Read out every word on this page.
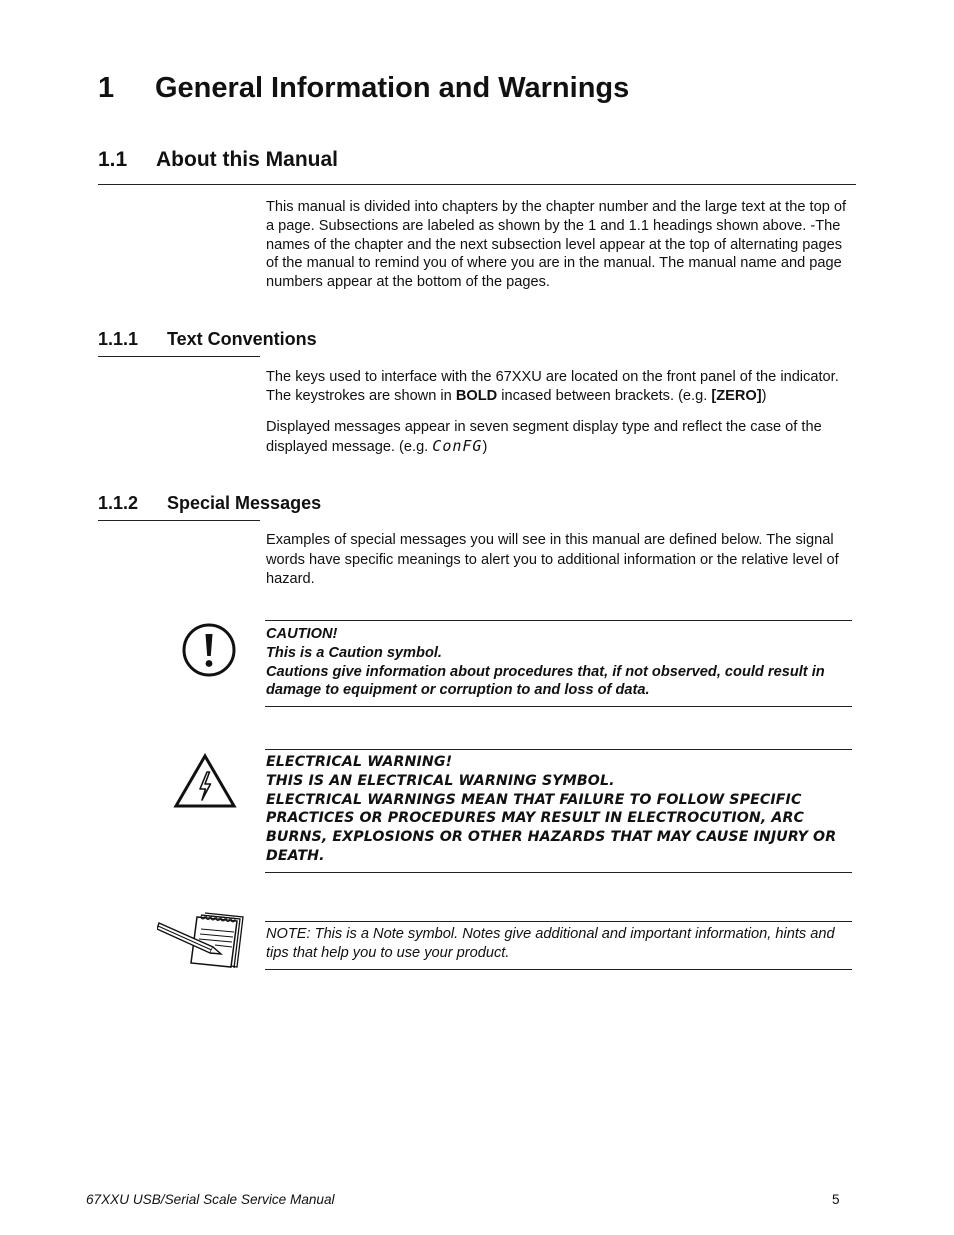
1 General Information and Warnings
1.1 About this Manual

This manual is divided into chapters by the chapter number and the large text at the top of a page. Subsections are labeled as shown by the 1 and 1.1 headings shown above. -The names of the chapter and the next subsection level appear at the top of alternating pages of the manual to remind you of where you are in the manual. The manual name and page numbers appear at the bottom of the pages.

1.1.1 Text Conventions

The keys used to interface with the 67XXU are located on the front panel of the indicator. The keystrokes are shown in BOLD incased between brackets. (e.g. [ZERO])

Displayed messages appear in seven segment display type and reflect the case of the displayed message. (e.g. ConFG)

1.1.2 Special Messages

Examples of special messages you will see in this manual are defined below. The signal words have specific meanings to alert you to additional information or the relative level of hazard.

CAUTION!
This is a Caution symbol.
Cautions give information about procedures that, if not observed, could result in damage to equipment or corruption to and loss of data.
ELECTRICAL WARNING!
THIS IS AN ELECTRICAL WARNING SYMBOL.
ELECTRICAL WARNINGS MEAN THAT FAILURE TO FOLLOW SPECIFIC PRACTICES OR PROCEDURES MAY RESULT IN ELECTROCUTION, ARC BURNS, EXPLOSIONS OR OTHER HAZARDS THAT MAY CAUSE INJURY OR DEATH.

NOTE: This is a Note symbol. Notes give additional and important information, hints and tips that help you to use your product.

67XXU USB/Serial Scale Service Manual	5
